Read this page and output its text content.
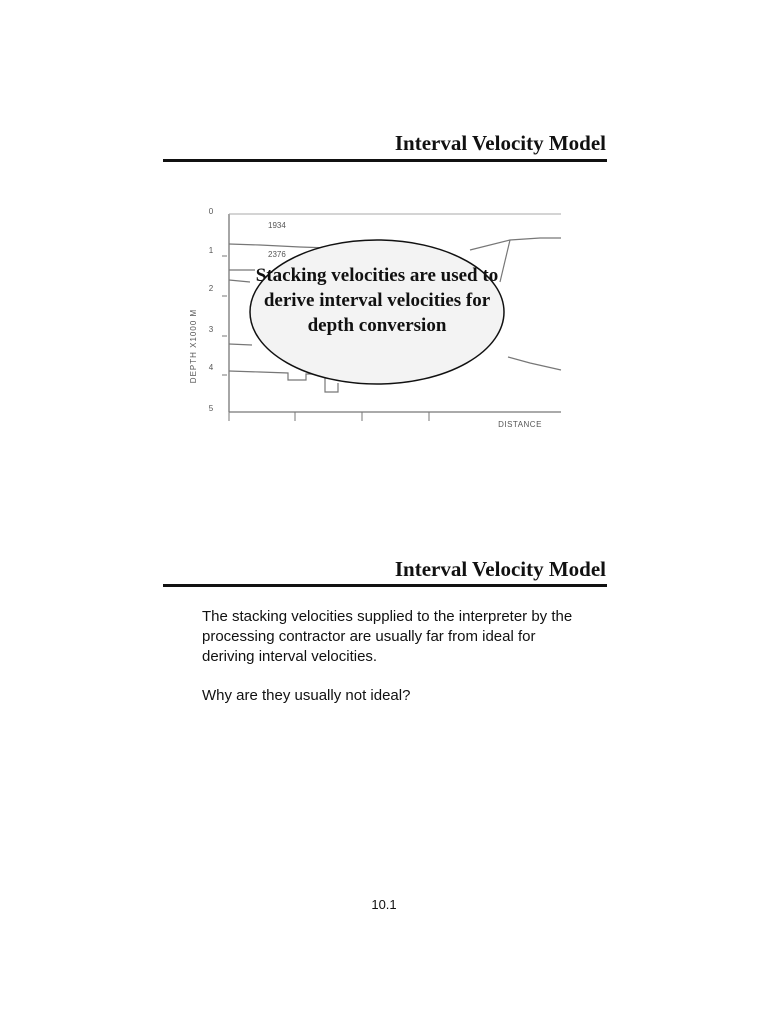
Interval Velocity Model
0
1
2
3
4
5
DEPTH X1000 M
DISTANCE
1934
2376
Stacking velocities are used to derive interval velocities for depth conversion
Interval Velocity Model
The stacking velocities supplied to the interpreter by the processing contractor are usually far from ideal for deriving interval velocities.
Why are they usually not ideal?
10.1
